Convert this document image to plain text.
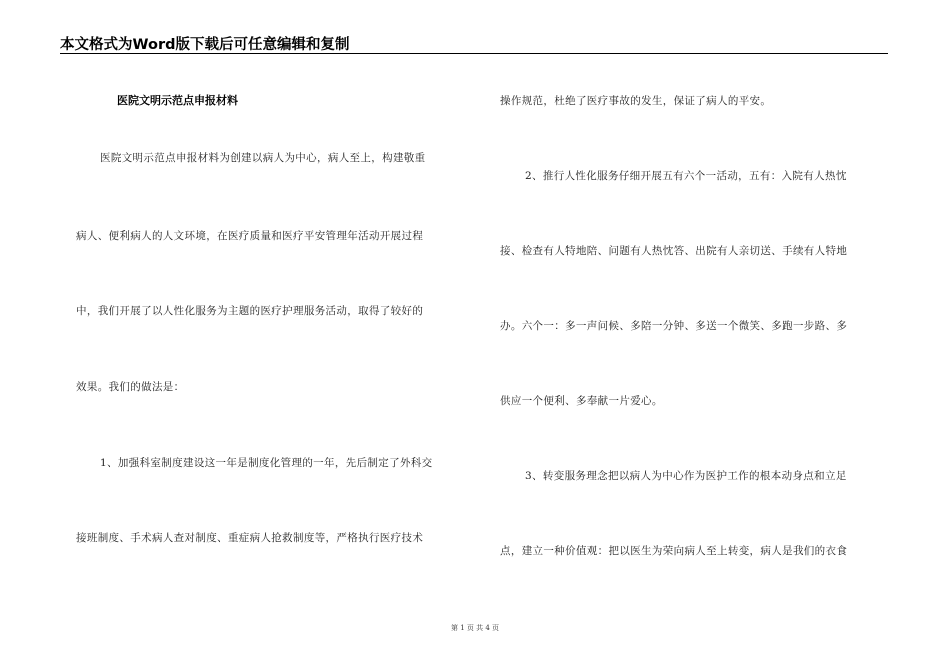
本文格式为Word版下载后可任意编辑和复制
医院文明示范点申报材料
医院文明示范点申报材料为创建以病人为中心，病人至上，构建敬重
病人、便利病人的人文环境，在医疗质量和医疗平安管理年活动开展过程
中，我们开展了以人性化服务为主题的医疗护理服务活动，取得了较好的
效果。我们的做法是：
1、加强科室制度建设这一年是制度化管理的一年，先后制定了外科交
接班制度、手术病人查对制度、重症病人抢救制度等，严格执行医疗技术
操作规范，杜绝了医疗事故的发生，保证了病人的平安。
2、推行人性化服务仔细开展五有六个一活动，五有：入院有人热忱
接、检查有人特地陪、问题有人热忱答、出院有人亲切送、手续有人特地
办。六个一：多一声问候、多陪一分钟、多送一个微笑、多跑一步路、多
供应一个便利、多奉献一片爱心。
3、转变服务理念把以病人为中心作为医护工作的根本动身点和立足
点，建立一种价值观：把以医生为荣向病人至上转变，病人是我们的衣食
第 1 页 共 4 页
